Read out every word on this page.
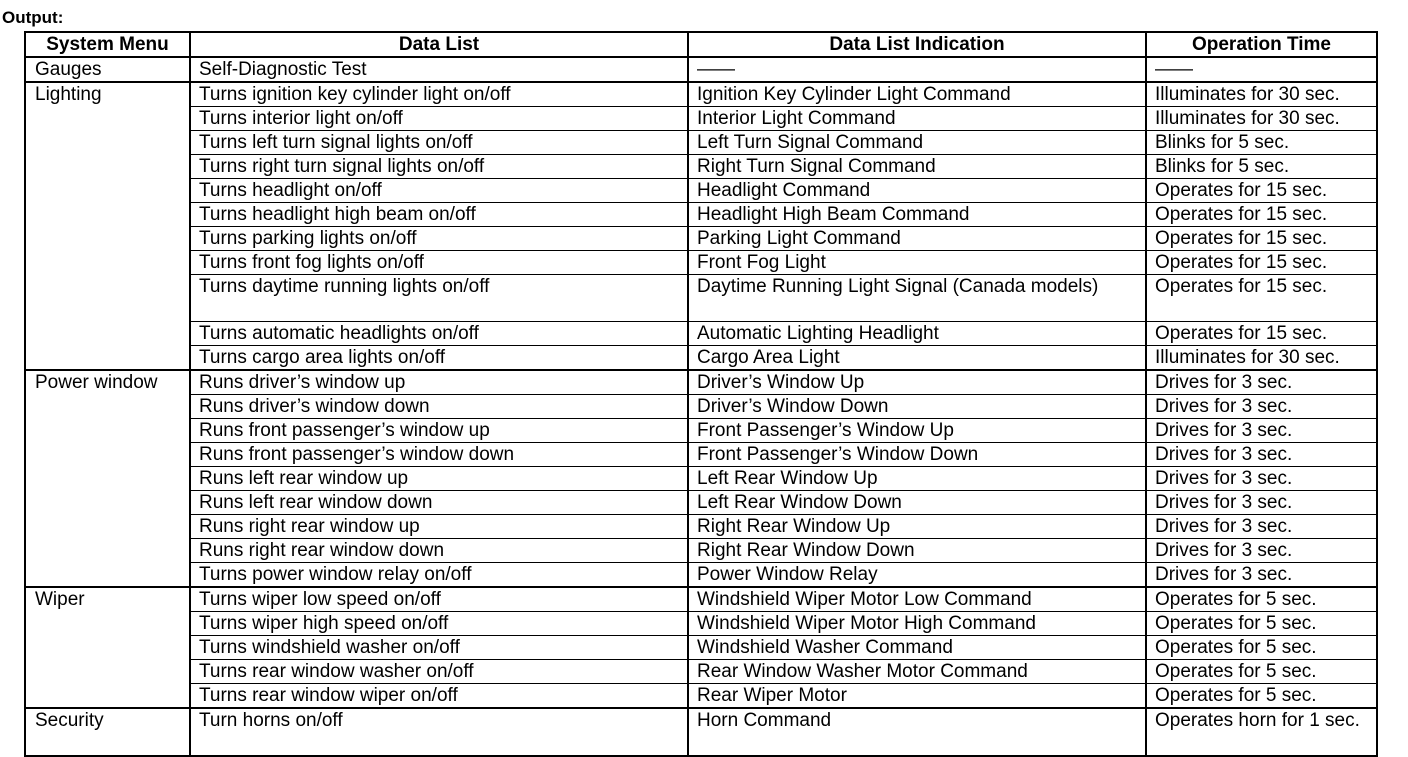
Output:
System Menu	Data List	Data List Indication	Operation Time
Gauges	Self-Diagnostic Test	——	——
Lighting	Turns ignition key cylinder light on/off	Ignition Key Cylinder Light Command	Illuminates for 30 sec.
	Turns interior light on/off	Interior Light Command	Illuminates for 30 sec.
	Turns left turn signal lights on/off	Left Turn Signal Command	Blinks for 5 sec.
	Turns right turn signal lights on/off	Right Turn Signal Command	Blinks for 5 sec.
	Turns headlight on/off	Headlight Command	Operates for 15 sec.
	Turns headlight high beam on/off	Headlight High Beam Command	Operates for 15 sec.
	Turns parking lights on/off	Parking Light Command	Operates for 15 sec.
	Turns front fog lights on/off	Front Fog Light	Operates for 15 sec.
	Turns daytime running lights on/off	Daytime Running Light Signal (Canada models)	Operates for 15 sec.
	Turns automatic headlights on/off	Automatic Lighting Headlight	Operates for 15 sec.
	Turns cargo area lights on/off	Cargo Area Light	Illuminates for 30 sec.
Power window	Runs driver’s window up	Driver’s Window Up	Drives for 3 sec.
	Runs driver’s window down	Driver’s Window Down	Drives for 3 sec.
	Runs front passenger’s window up	Front Passenger’s Window Up	Drives for 3 sec.
	Runs front passenger’s window down	Front Passenger’s Window Down	Drives for 3 sec.
	Runs left rear window up	Left Rear Window Up	Drives for 3 sec.
	Runs left rear window down	Left Rear Window Down	Drives for 3 sec.
	Runs right rear window up	Right Rear Window Up	Drives for 3 sec.
	Runs right rear window down	Right Rear Window Down	Drives for 3 sec.
	Turns power window relay on/off	Power Window Relay	Drives for 3 sec.
Wiper	Turns wiper low speed on/off	Windshield Wiper Motor Low Command	Operates for 5 sec.
	Turns wiper high speed on/off	Windshield Wiper Motor High Command	Operates for 5 sec.
	Turns windshield washer on/off	Windshield Washer Command	Operates for 5 sec.
	Turns rear window washer on/off	Rear Window Washer Motor Command	Operates for 5 sec.
	Turns rear window wiper on/off	Rear Wiper Motor	Operates for 5 sec.
Security	Turn horns on/off	Horn Command	Operates horn for 1 sec.
